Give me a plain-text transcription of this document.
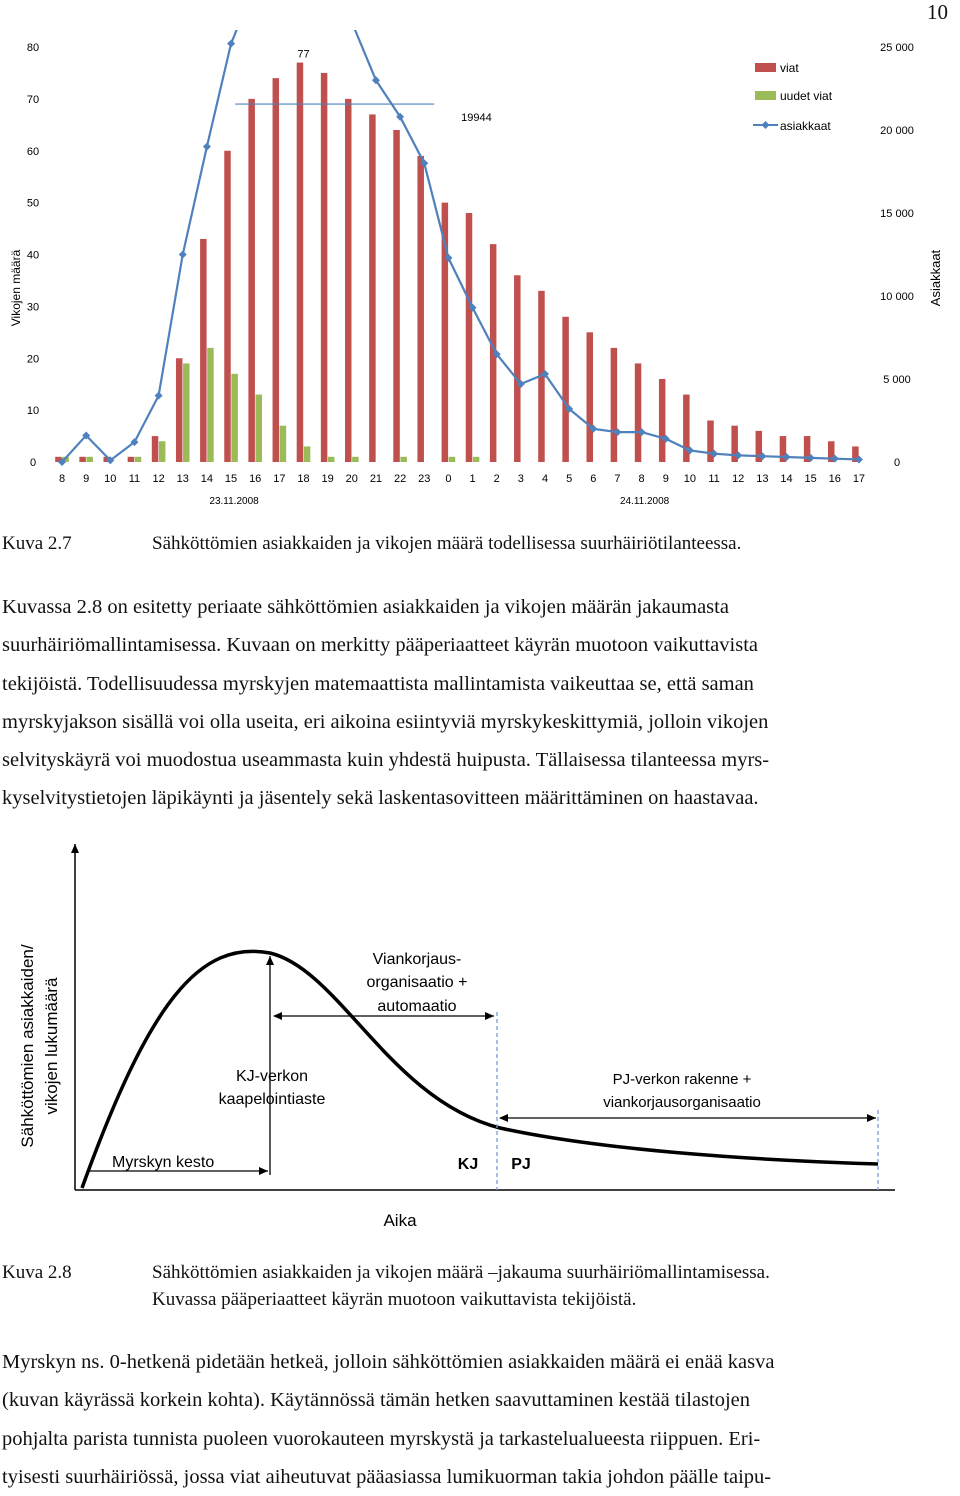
10
0
10
20
30
40
50
60
70
80
0
5 000
10 000
15 000
20 000
25 000
8 9 10 11 12 13 14 15 16 17 18 19 20 21 22 23 0 1 2 3 4 5 6 7 8 9 10 11 12 13 14 15 16 17
23.11.2008	24.11.2008
77
19944
viat
uudet viat
asiakkaat
Vikojen määrä	Asiakkaat
Kuva 2.7	Sähköttömien asiakkaiden ja vikojen määrä todellisessa suurhäiriötilanteessa.
Kuvassa 2.8 on esitetty periaate sähköttömien asiakkaiden ja vikojen määrän jakaumasta
suurhäiriömallintamisessa. Kuvaan on merkitty pääperiaatteet käyrän muotoon vaikuttavista
tekijöistä. Todellisuudessa myrskyjen matemaattista mallintamista vaikeuttaa se, että saman
myrskyjakson sisällä voi olla useita, eri aikoina esiintyviä myrskykeskittymiä, jolloin vikojen
selvityskäyrä voi muodostua useammasta kuin yhdestä huipusta. Tällaisessa tilanteessa myrs-
kyselvitystietojen läpikäynti ja jäsentely sekä laskentasovitteen määrittäminen on haastavaa.
Sähköttömien asiakkaiden/ vikojen lukumäärä
Aika
Myrskyn kesto
KJ-verkon
kaapelointiaste
Viankorjaus-
organisaatio +
automaatio
PJ-verkon rakenne +
viankorjausorganisaatio
KJ PJ
Kuva 2.8	Sähköttömien asiakkaiden ja vikojen määrä –jakauma suurhäiriömallintamisessa.
Kuvassa pääperiaatteet käyrän muotoon vaikuttavista tekijöistä.
Myrskyn ns. 0-hetkenä pidetään hetkeä, jolloin sähköttömien asiakkaiden määrä ei enää kasva
(kuvan käyrässä korkein kohta). Käytännössä tämän hetken saavuttaminen kestää tilastojen
pohjalta parista tunnista puoleen vuorokauteen myrskystä ja tarkastelualueesta riippuen. Eri-
tyisesti suurhäiriössä, jossa viat aiheutuvat pääasiassa lumikuorman takia johdon päälle taipu-
